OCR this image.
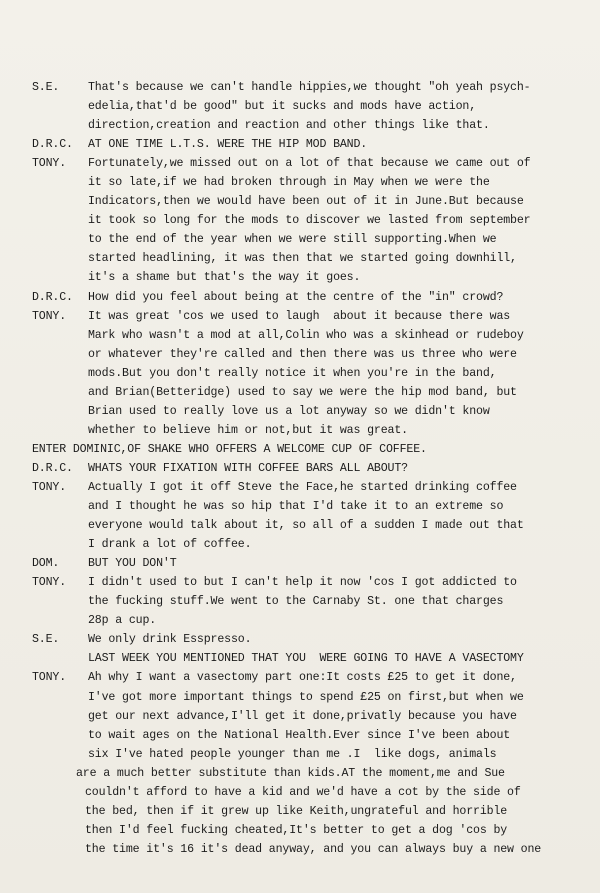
S.E.	That's because we can't handle hippies,we thought "oh yeah psych-
edelia,that'd be good" but it sucks and mods have action,
direction,creation and reaction and other things like that.
D.R.C.	AT ONE TIME L.T.S. WERE THE HIP MOD BAND.
TONY.	Fortunately,we missed out on a lot of that because we came out of
it so late,if we had broken through in May when we were the
Indicators,then we would have been out of it in June.But because
it took so long for the mods to discover we lasted from september
to the end of the year when we were still supporting.When we
started headlining, it was then that we started going downhill,
it's a shame but that's the way it goes.
D.R.C.	How did you feel about being at the centre of the "in" crowd?
TONY.	It was great 'cos we used to laugh  about it because there was
Mark who wasn't a mod at all,Colin who was a skinhead or rudeboy
or whatever they're called and then there was us three who were
mods.But you don't really notice it when you're in the band,
and Brian(Betteridge) used to say we were the hip mod band, but
Brian used to really love us a lot anyway so we didn't know
whether to believe him or not,but it was great.
ENTER DOMINIC,OF SHAKE WHO OFFERS A WELCOME CUP OF COFFEE.
D.R.C.	WHATS YOUR FIXATION WITH COFFEE BARS ALL ABOUT?
TONY.	Actually I got it off Steve the Face,he started drinking coffee
and I thought he was so hip that I'd take it to an extreme so
everyone would talk about it, so all of a sudden I made out that
I drank a lot of coffee.
DOM.	BUT YOU DON'T
TONY.	I didn't used to but I can't help it now 'cos I got addicted to
the fucking stuff.We went to the Carnaby St. one that charges
28p a cup.
S.E.	We only drink Esspresso.
LAST WEEK YOU MENTIONED THAT YOU  WERE GOING TO HAVE A VASECTOMY
TONY.	Ah why I want a vasectomy part one:It costs £25 to get it done,
I've got more important things to spend £25 on first,but when we
get our next advance,I'll get it done,privatly because you have
to wait ages on the National Health.Ever since I've been about
six I've hated people younger than me .I  like dogs, animals
are a much better substitute than kids.AT the moment,me and Sue
couldn't afford to have a kid and we'd have a cot by the side of
the bed, then if it grew up like Keith,ungrateful and horrible
then I'd feel fucking cheated,It's better to get a dog 'cos by
the time it's 16 it's dead anyway, and you can always buy a new one
